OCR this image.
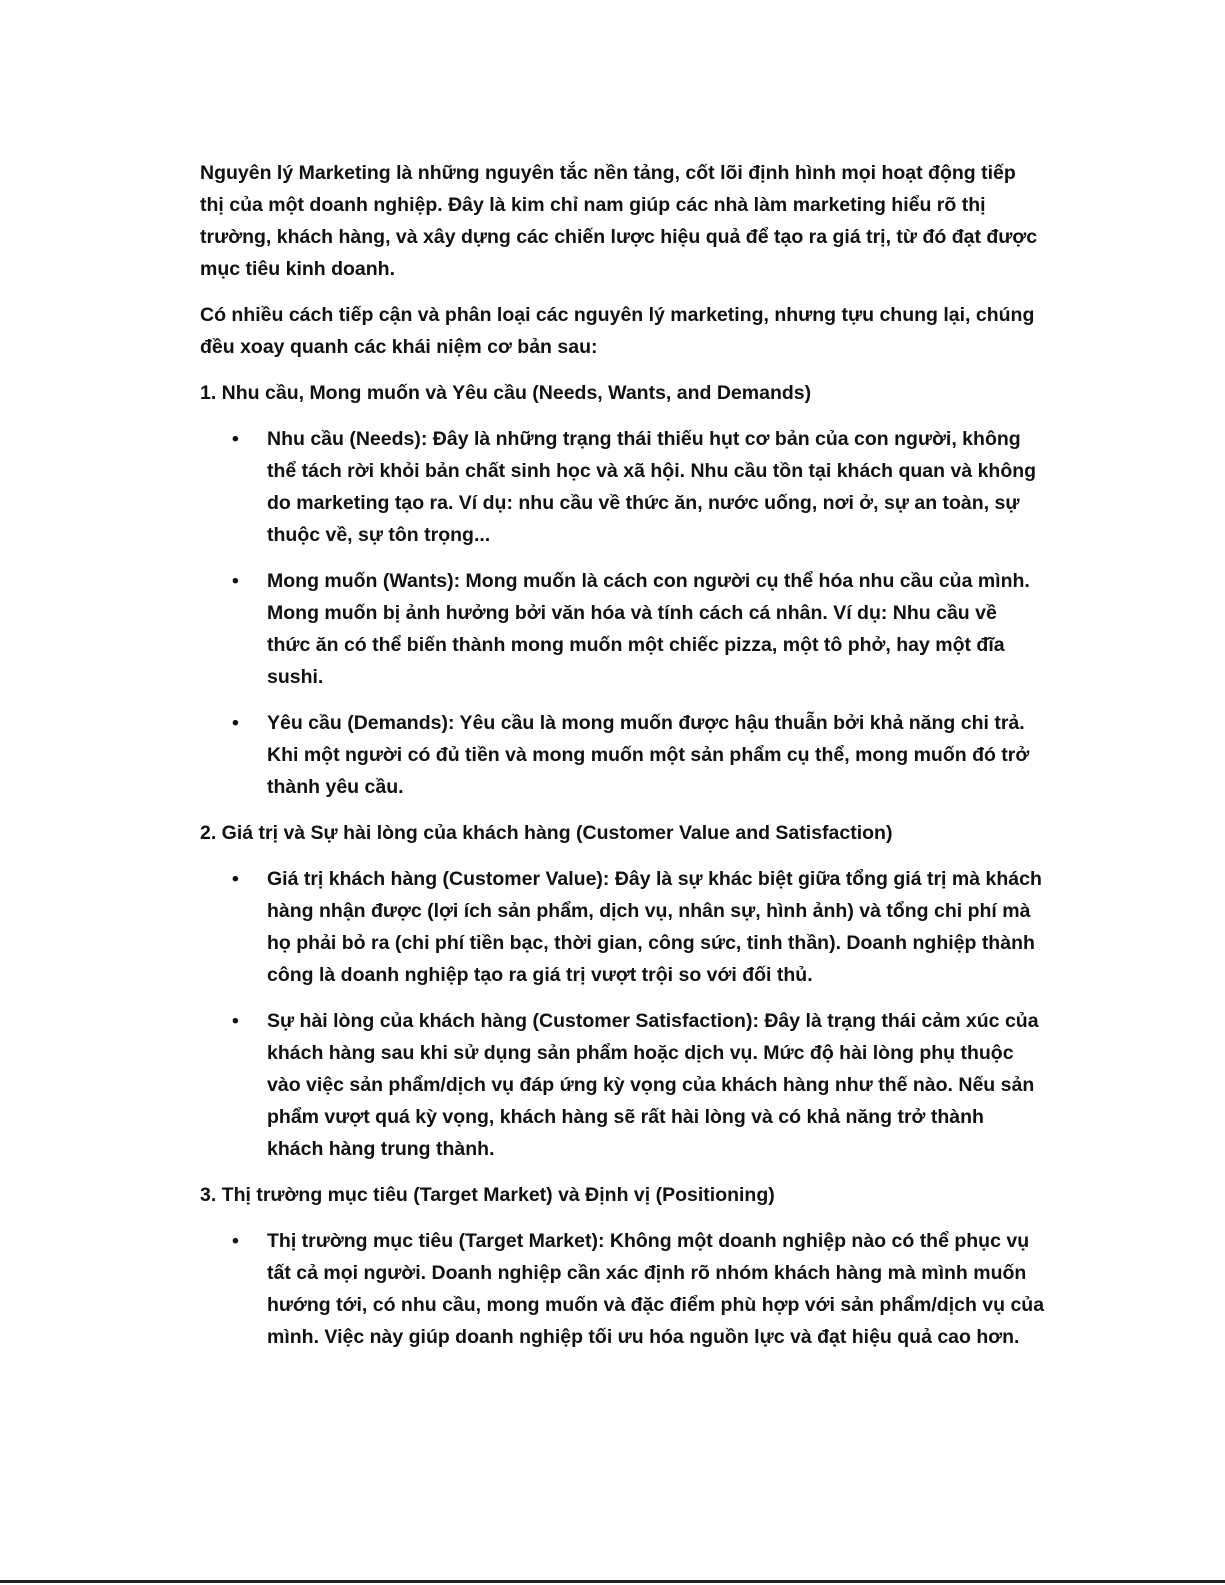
Nguyên lý Marketing là những nguyên tắc nền tảng, cốt lõi định hình mọi hoạt động tiếp thị của một doanh nghiệp. Đây là kim chỉ nam giúp các nhà làm marketing hiểu rõ thị trường, khách hàng, và xây dựng các chiến lược hiệu quả để tạo ra giá trị, từ đó đạt được mục tiêu kinh doanh.

Có nhiều cách tiếp cận và phân loại các nguyên lý marketing, nhưng tựu chung lại, chúng đều xoay quanh các khái niệm cơ bản sau:

1. Nhu cầu, Mong muốn và Yêu cầu (Needs, Wants, and Demands)
• Nhu cầu (Needs): Đây là những trạng thái thiếu hụt cơ bản của con người, không thể tách rời khỏi bản chất sinh học và xã hội. Nhu cầu tồn tại khách quan và không do marketing tạo ra. Ví dụ: nhu cầu về thức ăn, nước uống, nơi ở, sự an toàn, sự thuộc về, sự tôn trọng...
• Mong muốn (Wants): Mong muốn là cách con người cụ thể hóa nhu cầu của mình. Mong muốn bị ảnh hưởng bởi văn hóa và tính cách cá nhân. Ví dụ: Nhu cầu về thức ăn có thể biến thành mong muốn một chiếc pizza, một tô phở, hay một đĩa sushi.
• Yêu cầu (Demands): Yêu cầu là mong muốn được hậu thuẫn bởi khả năng chi trả. Khi một người có đủ tiền và mong muốn một sản phẩm cụ thể, mong muốn đó trở thành yêu cầu.
2. Giá trị và Sự hài lòng của khách hàng (Customer Value and Satisfaction)
• Giá trị khách hàng (Customer Value): Đây là sự khác biệt giữa tổng giá trị mà khách hàng nhận được (lợi ích sản phẩm, dịch vụ, nhân sự, hình ảnh) và tổng chi phí mà họ phải bỏ ra (chi phí tiền bạc, thời gian, công sức, tinh thần). Doanh nghiệp thành công là doanh nghiệp tạo ra giá trị vượt trội so với đối thủ.
• Sự hài lòng của khách hàng (Customer Satisfaction): Đây là trạng thái cảm xúc của khách hàng sau khi sử dụng sản phẩm hoặc dịch vụ. Mức độ hài lòng phụ thuộc vào việc sản phẩm/dịch vụ đáp ứng kỳ vọng của khách hàng như thế nào. Nếu sản phẩm vượt quá kỳ vọng, khách hàng sẽ rất hài lòng và có khả năng trở thành khách hàng trung thành.
3. Thị trường mục tiêu (Target Market) và Định vị (Positioning)
• Thị trường mục tiêu (Target Market): Không một doanh nghiệp nào có thể phục vụ tất cả mọi người. Doanh nghiệp cần xác định rõ nhóm khách hàng mà mình muốn hướng tới, có nhu cầu, mong muốn và đặc điểm phù hợp với sản phẩm/dịch vụ của mình. Việc này giúp doanh nghiệp tối ưu hóa nguồn lực và đạt hiệu quả cao hơn.
